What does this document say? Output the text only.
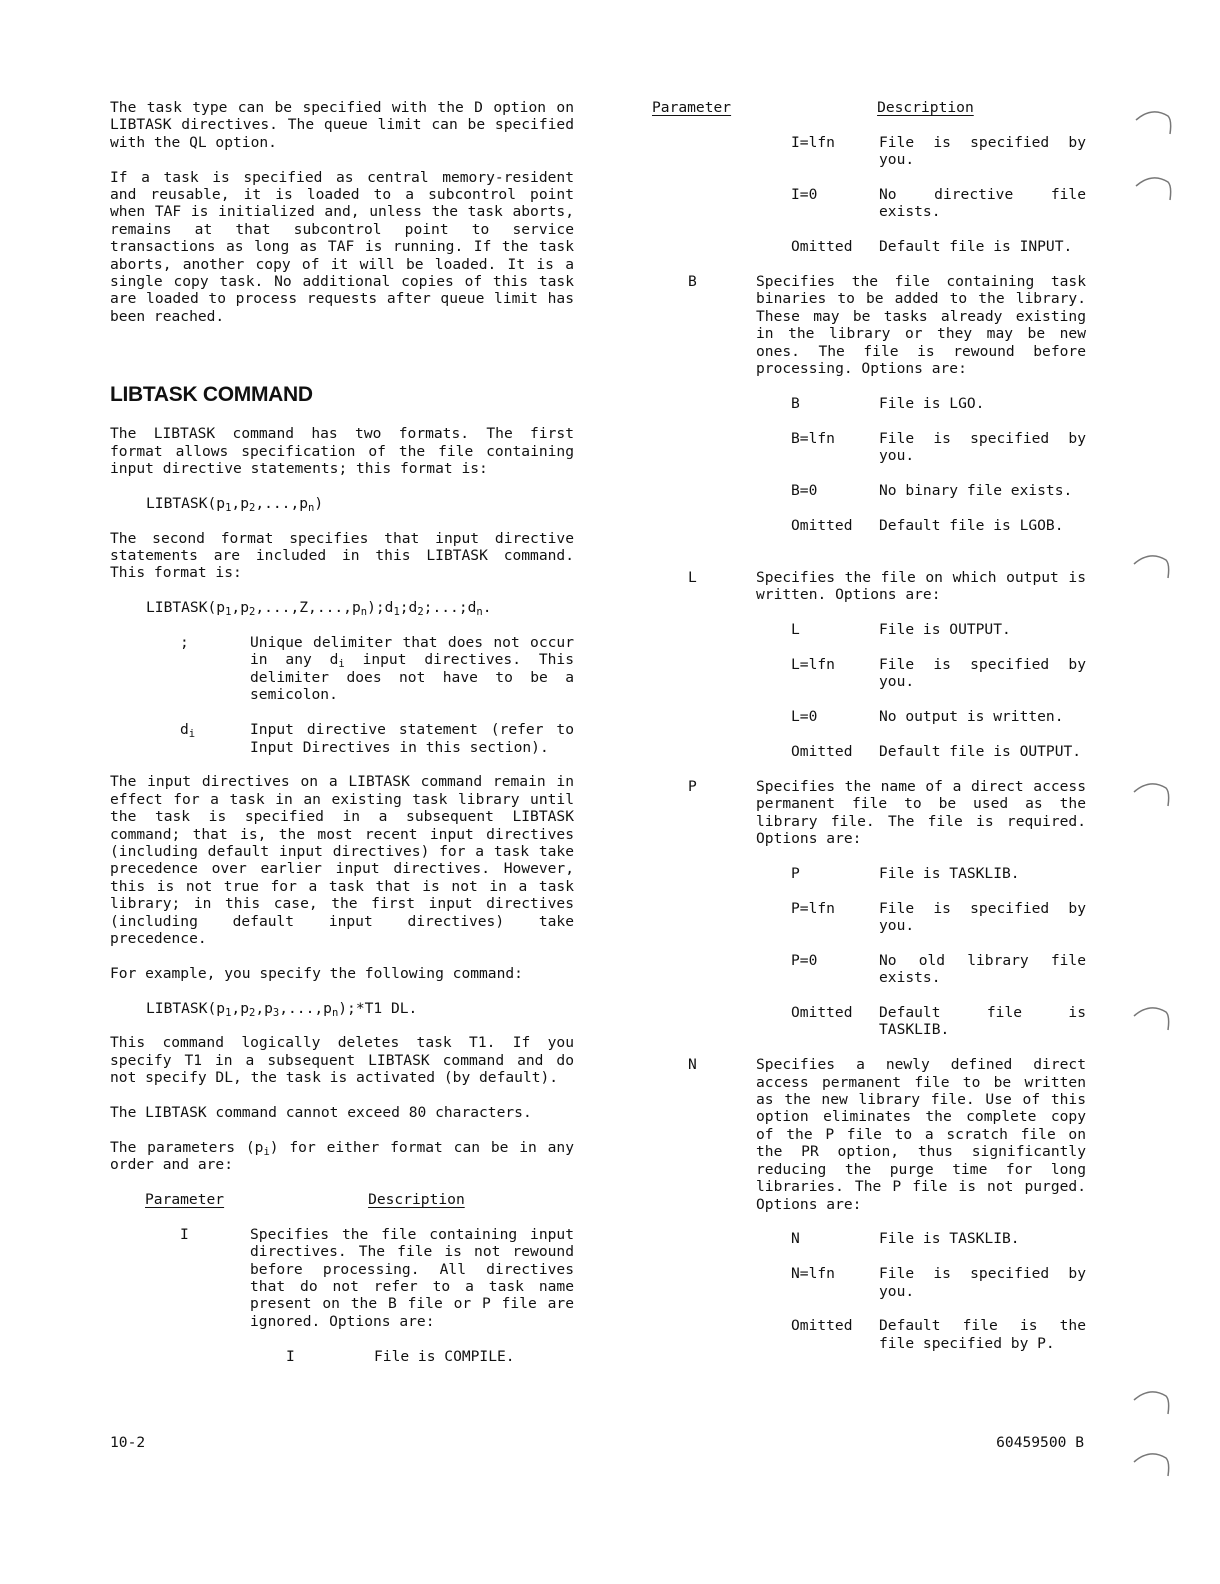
The task type can be specified with the D option on LIBTASK directives. The queue limit can be specified with the QL option.

If a task is specified as central memory-resident and reusable, it is loaded to a subcontrol point when TAF is initialized and, unless the task aborts, remains at that subcontrol point to service transactions as long as TAF is running. If the task aborts, another copy of it will be loaded. It is a single copy task. No additional copies of this task are loaded to process requests after queue limit has been reached.

LIBTASK COMMAND

The LIBTASK command has two formats. The first format allows specification of the file containing input directive statements; this format is:

$LIBTASK(p_1,p_2,...,p_n)$

The second format specifies that input directive statements are included in this LIBTASK command. This format is:

$LIBTASK(p_1,p_2,...,Z,...,p_n);d_1;d_2;...;d_n$.
;	Unique delimiter that does not occur in any $d_i$ input directives. This delimiter does not have to be a semicolon.
$d_i$	Input directive statement (refer to Input Directives in this section).

The input directives on a LIBTASK command remain in effect for a task in an existing task library until the task is specified in a subsequent LIBTASK command; that is, the most recent input directives (including default input directives) for a task take precedence over earlier input directives. However, this is not true for a task that is not in a task library; in this case, the first input directives (including default input directives) take precedence.

For example, you specify the following command:

$LIBTASK(p_1,p_2,p_3,...,p_n);*T1$ DL.

This command logically deletes task T1. If you specify T1 in a subsequent LIBTASK command and do not specify DL, the task is activated (by default).

The LIBTASK command cannot exceed 80 characters.

The parameters $(p_i)$ for either format can be in any order and are:

Parameter	Description
I	Specifies the file containing input directives. The file is not rewound before processing. All directives that do not refer to a task name present on the B file or P file are ignored. Options are:
I	File is COMPILE.
Parameter	Description
I=lfn	File is specified by you.
I=0	No directive file exists.
Omitted	Default file is INPUT.
B	Specifies the file containing task binaries to be added to the library. These may be tasks already existing in the library or they may be new ones. The file is rewound before processing. Options are:
B	File is LGO.
B=lfn	File is specified by you.
B=0	No binary file exists.
Omitted	Default file is LGOB.
L	Specifies the file on which output is written. Options are:
L	File is OUTPUT.
L=lfn	File is specified by you.
L=0	No output is written.
Omitted	Default file is OUTPUT.
P	Specifies the name of a direct access permanent file to be used as the library file. The file is required. Options are:
P	File is TASKLIB.
P=lfn	File is specified by you.
P=0	No old library file exists.
Omitted	Default file is TASKLIB.
N	Specifies a newly defined direct access permanent file to be written as the new library file. Use of this option eliminates the complete copy of the P file to a scratch file on the PR option, thus significantly reducing the purge time for long libraries. The P file is not purged. Options are:
N	File is TASKLIB.
N=lfn	File is specified by you.
Omitted	Default file is the file specified by P.
10-2	60459500 B
